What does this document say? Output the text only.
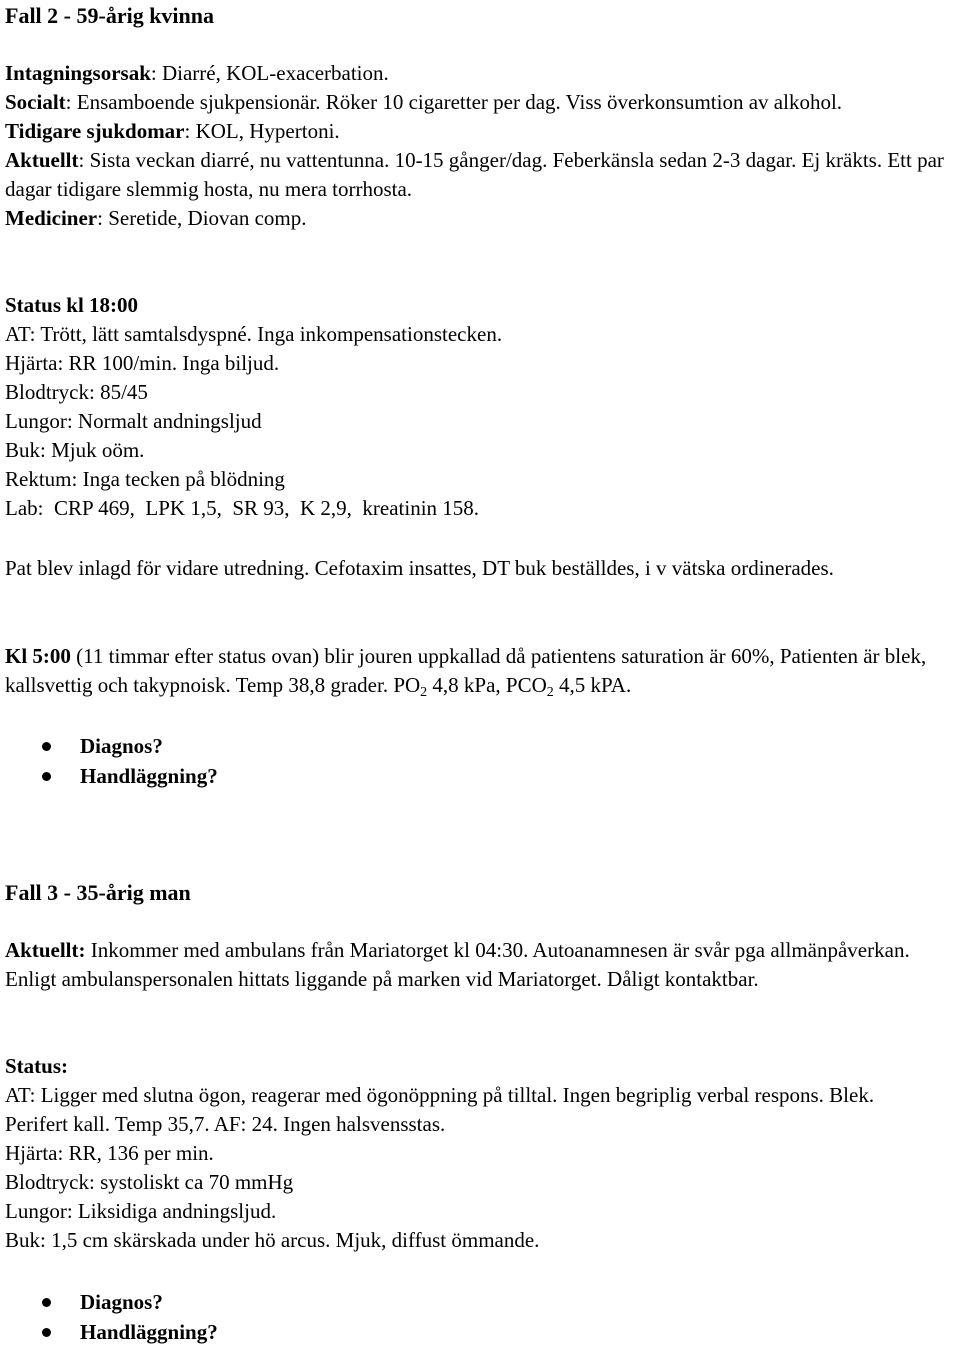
Fall 2 - 59-årig kvinna
Intagningsorsak: Diarré, KOL-exacerbation.
Socialt: Ensamboende sjukpensionär. Röker 10 cigaretter per dag. Viss överkonsumtion av alkohol.
Tidigare sjukdomar: KOL, Hypertoni.
Aktuellt: Sista veckan diarré, nu vattentunna. 10-15 gånger/dag. Feberkänsla sedan 2-3 dagar. Ej kräkts. Ett par dagar tidigare slemmig hosta, nu mera torrhosta.
Mediciner: Seretide, Diovan comp.
Status kl 18:00
AT: Trött, lätt samtalsdyspné. Inga inkompensationstecken.
Hjärta: RR 100/min. Inga biljud.
Blodtryck: 85/45
Lungor: Normalt andningsljud
Buk: Mjuk oöm.
Rektum: Inga tecken på blödning
Lab:  CRP 469,  LPK 1,5,  SR 93,  K 2,9,  kreatinin 158.
Pat blev inlagd för vidare utredning. Cefotaxim insattes, DT buk beställdes, i v vätska ordinerades.
Kl 5:00 (11 timmar efter status ovan) blir jouren uppkallad då patientens saturation är 60%, Patienten är blek, kallsvettig och takypnoisk. Temp 38,8 grader. $PO_2$ 4,8 kPa, $PCO_2$ 4,5 kPA.
Diagnos?
Handläggning?
Fall 3 - 35-årig man
Aktuellt: Inkommer med ambulans från Mariatorget kl 04:30. Autoanamnesen är svår pga allmänpåverkan. Enligt ambulanspersonalen hittats liggande på marken vid Mariatorget. Dåligt kontaktbar.
Status:
AT: Ligger med slutna ögon, reagerar med ögonöppning på tilltal. Ingen begriplig verbal respons. Blek. Perifert kall. Temp 35,7. AF: 24. Ingen halsvensstas.
Hjärta: RR, 136 per min.
Blodtryck: systoliskt ca 70 mmHg
Lungor: Liksidiga andningsljud.
Buk: 1,5 cm skärskada under hö arcus. Mjuk, diffust ömmande.
Diagnos?
Handläggning?
